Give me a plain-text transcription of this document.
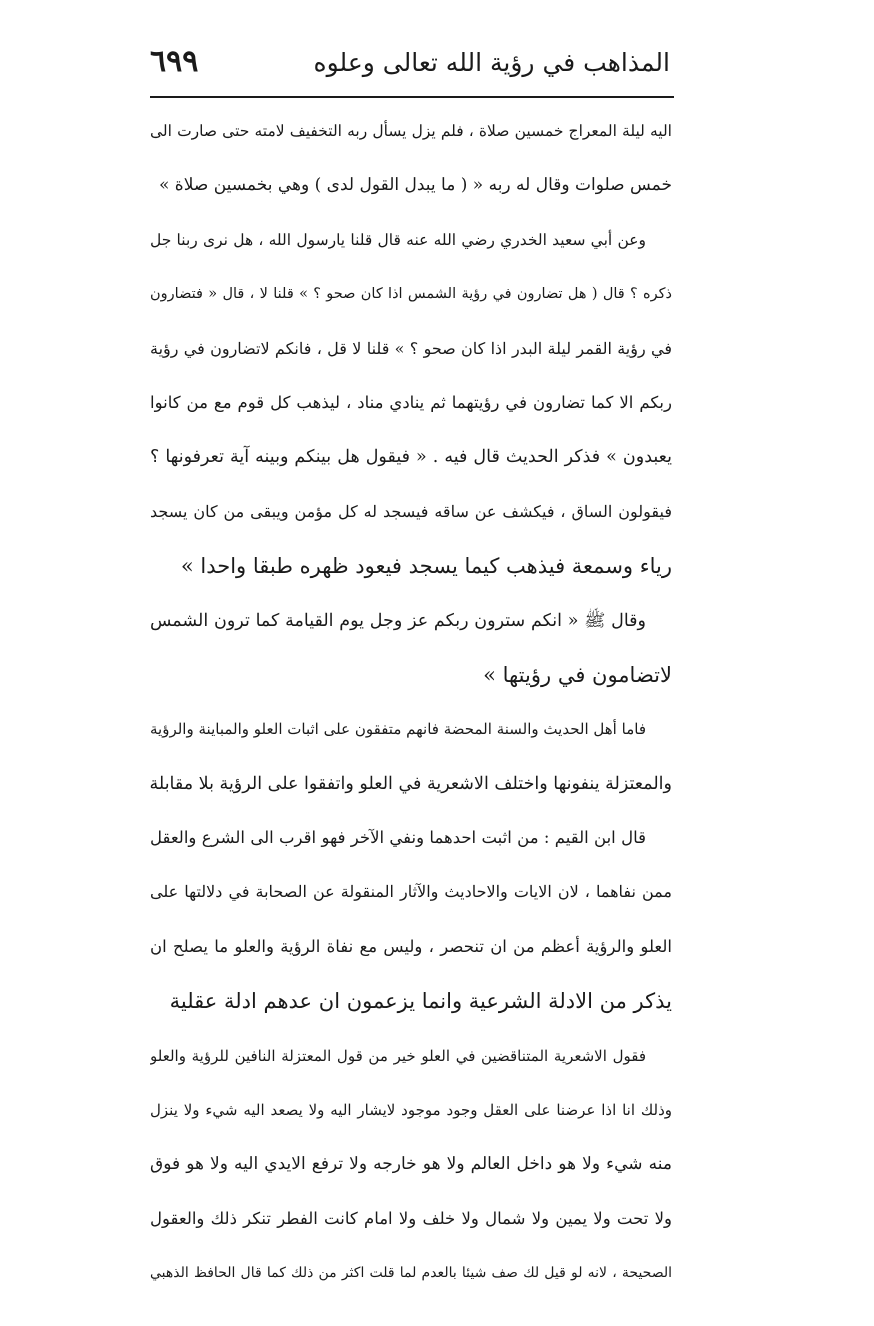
المذاهب في رؤية الله تعالى وعلوه
٦٩٩
اليه ليلة المعراج خمسين صلاة ، فلم يزل يسأل ربه التخفيف لامته حتى صارت الى
خمس صلوات وقال له ربه « ( ما يبدل القول لدى ) وهي بخمسين صلاة »
وعن أبي سعيد الخدري رضي الله عنه قال قلنا يارسول الله ، هل نرى ربنا جل
ذكره ؟ قال ( هل تضارون في رؤية الشمس اذا كان صحو ؟ » قلنا لا ، قال « فتضارون
في رؤية القمر ليلة البدر اذا كان صحو ؟ » قلنا لا قل ، فانكم لاتضارون في رؤية
ربكم الا كما تضارون في رؤيتهما ثم ينادي مناد ، ليذهب كل قوم مع من كانوا
يعبدون » فذكر الحديث قال فيه . « فيقول هل بينكم وبينه آية تعرفونها ؟
فيقولون الساق ، فيكشف عن ساقه فيسجد له كل مؤمن ويبقى من كان يسجد
رياء وسمعة فيذهب كيما يسجد فيعود ظهره طبقا واحدا »
وقال ﷺ « انكم سترون ربكم عز وجل يوم القيامة كما ترون الشمس
لاتضامون في رؤيتها »
فاما أهل الحديث والسنة المحضة فانهم متفقون على اثبات العلو والمباينة والرؤية
والمعتزلة ينفونها واختلف الاشعرية في العلو واتفقوا على الرؤية بلا مقابلة
قال ابن القيم : من اثبت احدهما ونفي الآخر فهو اقرب الى الشرع والعقل
ممن نفاهما ، لان الايات والاحاديث والآثار المنقولة عن الصحابة في دلالتها على
العلو والرؤية أعظم من ان تنحصر ، وليس مع نفاة الرؤية والعلو ما يصلح ان
يذكر من الادلة الشرعية وانما يزعمون ان عدهم ادلة عقلية
فقول الاشعرية المتناقضين في العلو خير من قول المعتزلة النافين للرؤية والعلو
وذلك انا اذا عرضنا على العقل وجود موجود لايشار اليه ولا يصعد اليه شيء ولا ينزل
منه شيء ولا هو داخل العالم ولا هو خارجه ولا ترفع الايدي اليه ولا هو فوق
ولا تحت ولا يمين ولا شمال ولا خلف ولا امام كانت الفطر تنكر ذلك والعقول
الصحيحة ، لانه لو قيل لك صف شيئا بالعدم لما قلت اكثر من ذلك كما قال الحافظ الذهبي
